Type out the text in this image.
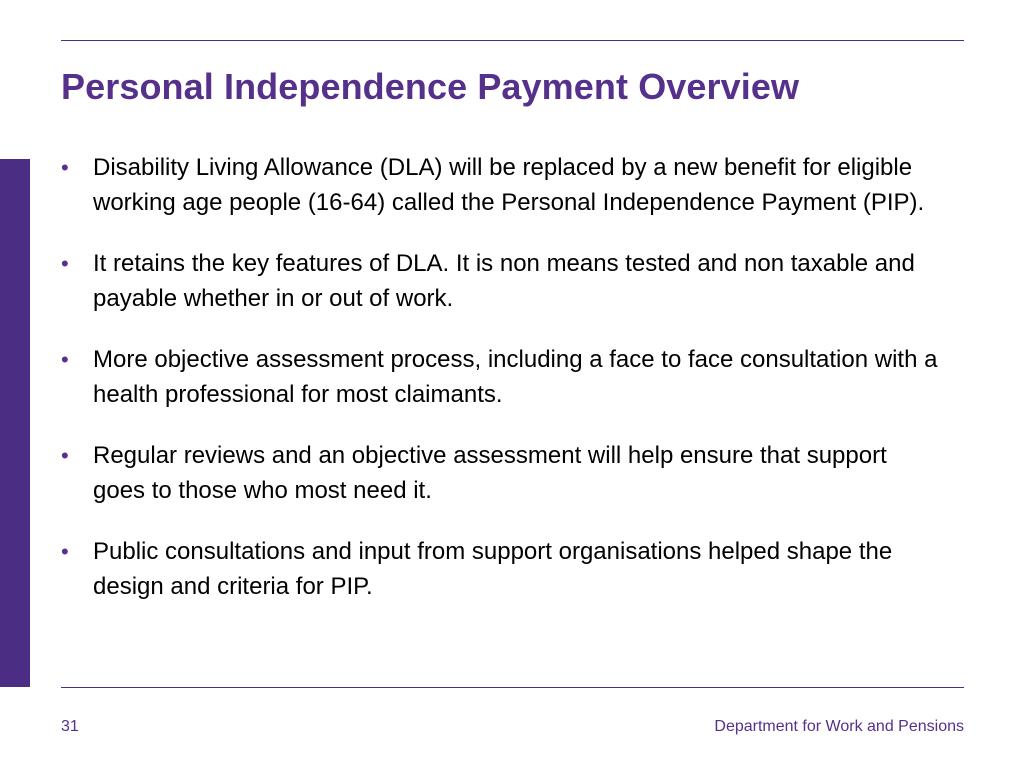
Personal Independence Payment Overview
•	Disability Living Allowance (DLA) will be replaced by a new benefit for eligible working age people (16-64) called the Personal Independence Payment (PIP).
•	It retains the key features of DLA. It is non means tested and non taxable and payable whether in or out of work.
•	More objective assessment process, including a face to face consultation with a health professional for most claimants.
•	Regular reviews and an objective assessment will help ensure that support goes to those who most need it.
•	Public consultations and input from support organisations helped shape the design and criteria for PIP.
31	Department for Work and Pensions
